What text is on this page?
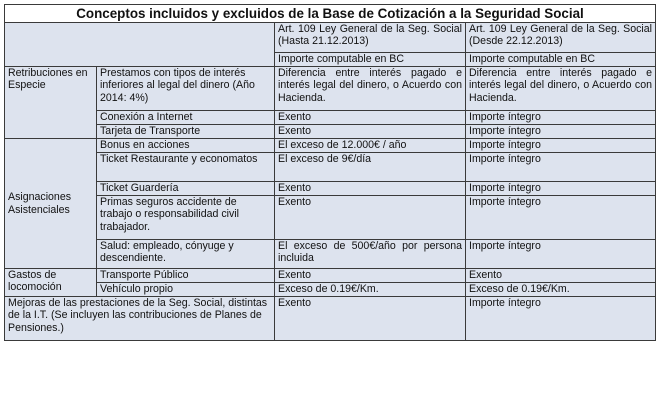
Conceptos incluidos y excluidos de la Base de Cotización a la Seguridad Social			
		Art. 109 Ley General de la Seg. Social (Hasta 21.12.2013)	Art. 109 Ley General de la Seg. Social (Desde 22.12.2013)
		Importe computable en BC	Importe computable en BC
Retribuciones en Especie	Prestamos con tipos de interés inferiores al legal del dinero (Año 2014: 4%)	Diferencia entre interés pagado e interés legal del dinero, o Acuerdo con Hacienda.	Diferencia entre interés pagado e interés legal del dinero, o Acuerdo con Hacienda.
	Conexión a Internet	Exento	Importe íntegro
	Tarjeta de Transporte	Exento	Importe íntegro
Asignaciones Asistenciales	Bonus en acciones	El exceso de 12.000€ / año	Importe íntegro
	Ticket Restaurante y economatos	El exceso de 9€/día	Importe íntegro
	Ticket Guardería	Exento	Importe íntegro
	Primas seguros accidente de trabajo o responsabilidad civil trabajador.	Exento	Importe íntegro
	Salud: empleado, cónyuge y descendiente.	El exceso de 500€/año por persona incluida	Importe íntegro
Gastos de locomoción	Transporte Público	Exento	Exento
	Vehículo propio	Exceso de 0.19€/Km.	Exceso de 0.19€/Km.
Mejoras de las prestaciones de la Seg. Social, distintas de la I.T. (Se incluyen las contribuciones de Planes de Pensiones.)		Exento	Importe íntegro
